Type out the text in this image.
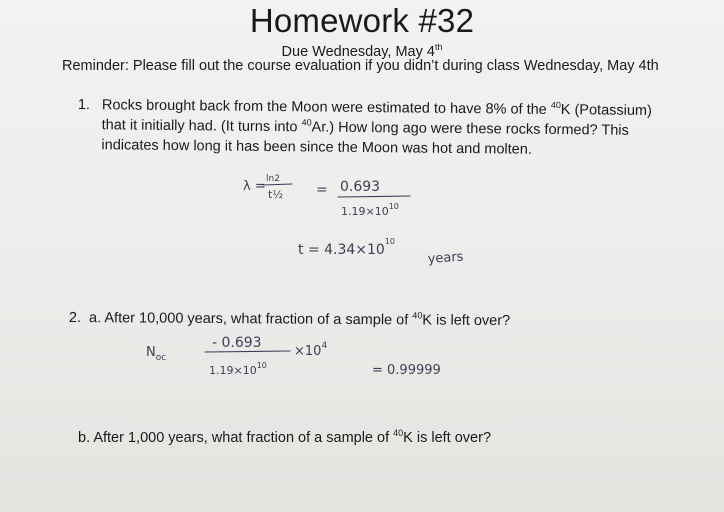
Homework #32
Due Wednesday, May 4th
Reminder: Please fill out the course evaluation if you didn’t during class Wednesday, May 4th
1. Rocks brought back from the Moon were estimated to have 8% of the $^{40}$K (Potassium)
that it initially had. (It turns into $^{40}$Ar.) How long ago were these rocks formed? This
indicates how long it has been since the Moon was hot and molten.
λ = ln2
t½ = 0.693
$1.19\times 10^{10}$
$t = 4.34\times 10^{10}$
years
$N_{oc}$
- 0.693
$\times 10^4$
$1.19\times 10^{10}$	= 0.99999
2. a. After 10,000 years, what fraction of a sample of $^{40}$K is left over?
b. After 1,000 years, what fraction of a sample of $^{40}$K is left over?
